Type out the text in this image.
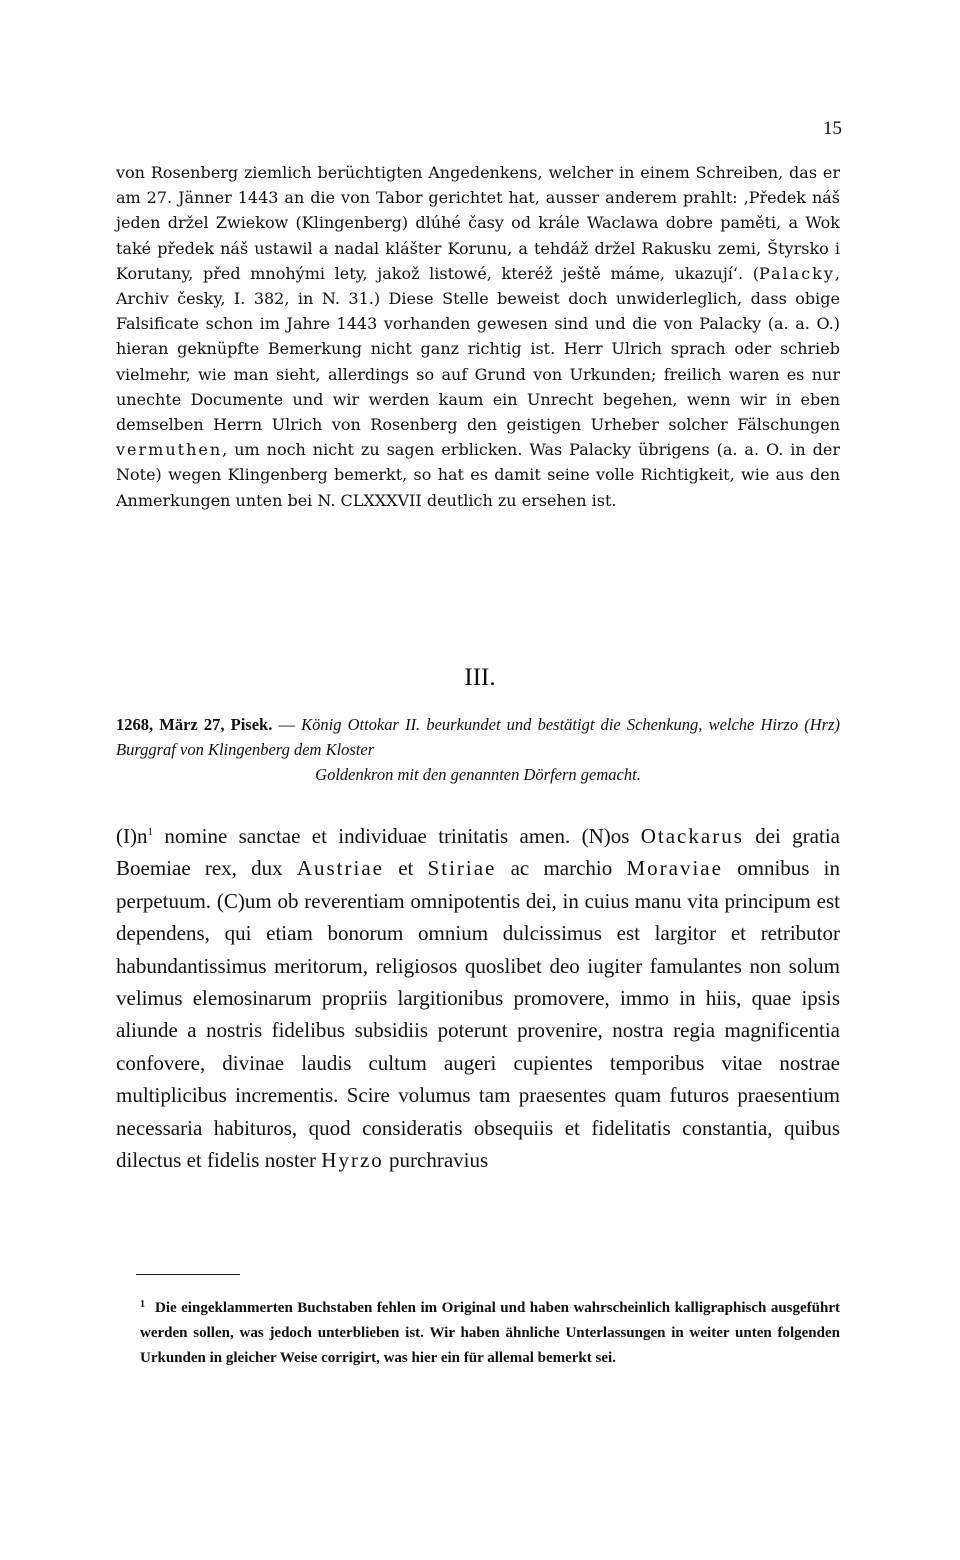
15

von Rosenberg ziemlich berüchtigten Angedenkens, welcher in einem Schreiben, das er am 27. Jänner 1443 an die von Tabor gerichtet hat, ausser anderem prahlt: ‚Předek náš jeden držel Zwiekow (Klingenberg) dlúhé časy od krále Waclawa dobre paměti, a Wok také předek náš ustawil a nadal klášter Korunu, a tehdáž držel Rakusku zemi, Štyrsko i Korutany, před mnohými lety, jakož listowé, kteréž ještě máme, ukazují‘. (Palacky, Archiv česky, I. 382, in N. 31.) Diese Stelle beweist doch unwiderleglich, dass obige Falsificate schon im Jahre 1443 vorhanden gewesen sind und die von Palacky (a. a. O.) hieran geknüpfte Bemerkung nicht ganz richtig ist. Herr Ulrich sprach oder schrieb vielmehr, wie man sieht, allerdings so auf Grund von Urkunden; freilich waren es nur unechte Documente und wir werden kaum ein Unrecht begehen, wenn wir in eben demselben Herrn Ulrich von Rosenberg den geistigen Urheber solcher Fälschungen vermuthen, um noch nicht zu sagen erblicken. Was Palacky übrigens (a. a. O. in der Note) wegen Klingenberg bemerkt, so hat es damit seine volle Richtigkeit, wie aus den Anmerkungen unten bei N. CLXXXVII deutlich zu ersehen ist.

III.

1268, März 27, Pisek. — König Ottokar II. beurkundet und bestätigt die Schenkung, welche Hirzo (Hrz) Burggraf von Klingenberg dem Kloster

Goldenkron mit den genannten Dörfern gemacht.

$(I)n^1$ nomine sanctae et individuae trinitatis amen. (N)os Otackarus dei gratia Boemiae rex, dux Austriae et Stiriae ac marchio Moraviae omnibus in perpetuum. (C)um ob reverentiam omnipotentis dei, in cuius manu vita principum est dependens, qui etiam bonorum omnium dulcissimus est largitor et retributor habundantissimus meritorum, religiosos quoslibet deo iugiter famulantes non solum velimus elemosinarum propriis largitionibus promovere, immo in hiis, quae ipsis aliunde a nostris fidelibus subsidiis poterunt provenire, nostra regia magnificentia confovere, divinae laudis cultum augeri cupientes temporibus vitae nostrae multiplicibus incrementis. Scire volumus tam praesentes quam futuros praesentium necessaria habituros, quod consideratis obsequiis et fidelitatis constantia, quibus dilectus et fidelis noster Hyrzo purchravius

$^1$ Die eingeklammerten Buchstaben fehlen im Original und haben wahrscheinlich kalligraphisch ausgeführt werden sollen, was jedoch unterblieben ist. Wir haben ähnliche Unterlassungen in weiter unten folgenden Urkunden in gleicher Weise corrigirt, was hier ein für allemal bemerkt sei.
